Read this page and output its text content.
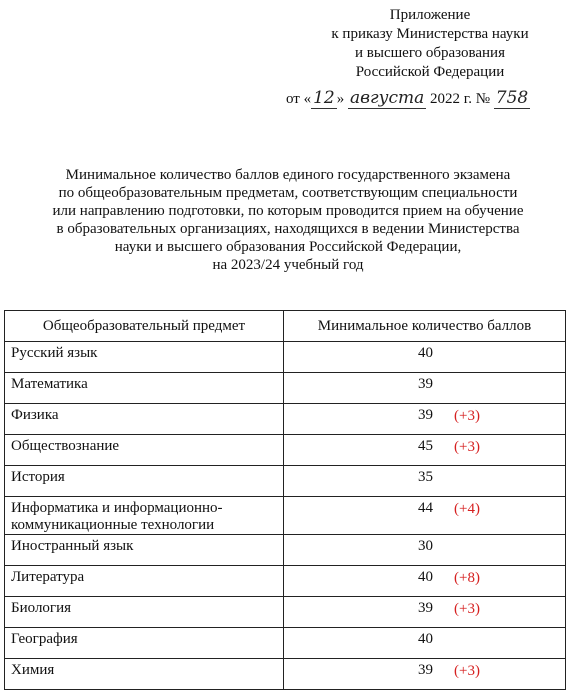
Приложение
к приказу Министерства науки
и высшего образования
Российской Федерации
от « 12 » августа 2022 г. № 758
Минимальное количество баллов единого государственного экзамена
по общеобразовательным предметам, соответствующим специальности
или направлению подготовки, по которым проводится прием на обучение
в образовательных организациях, находящихся в ведении Министерства
науки и высшего образования Российской Федерации,
на 2023/24 учебный год
Общеобразовательный предмет	Минимальное количество баллов
Русский язык	40

Математика	39

Физика	39 (+3)

Обществознание	45 (+3)

История	35

Информатика и информационно-
коммуникационные технологии	44 (+4)

Иностранный язык	30

Литература	40 (+8)

Биология	39 (+3)

География	40

Химия	39 (+3)
